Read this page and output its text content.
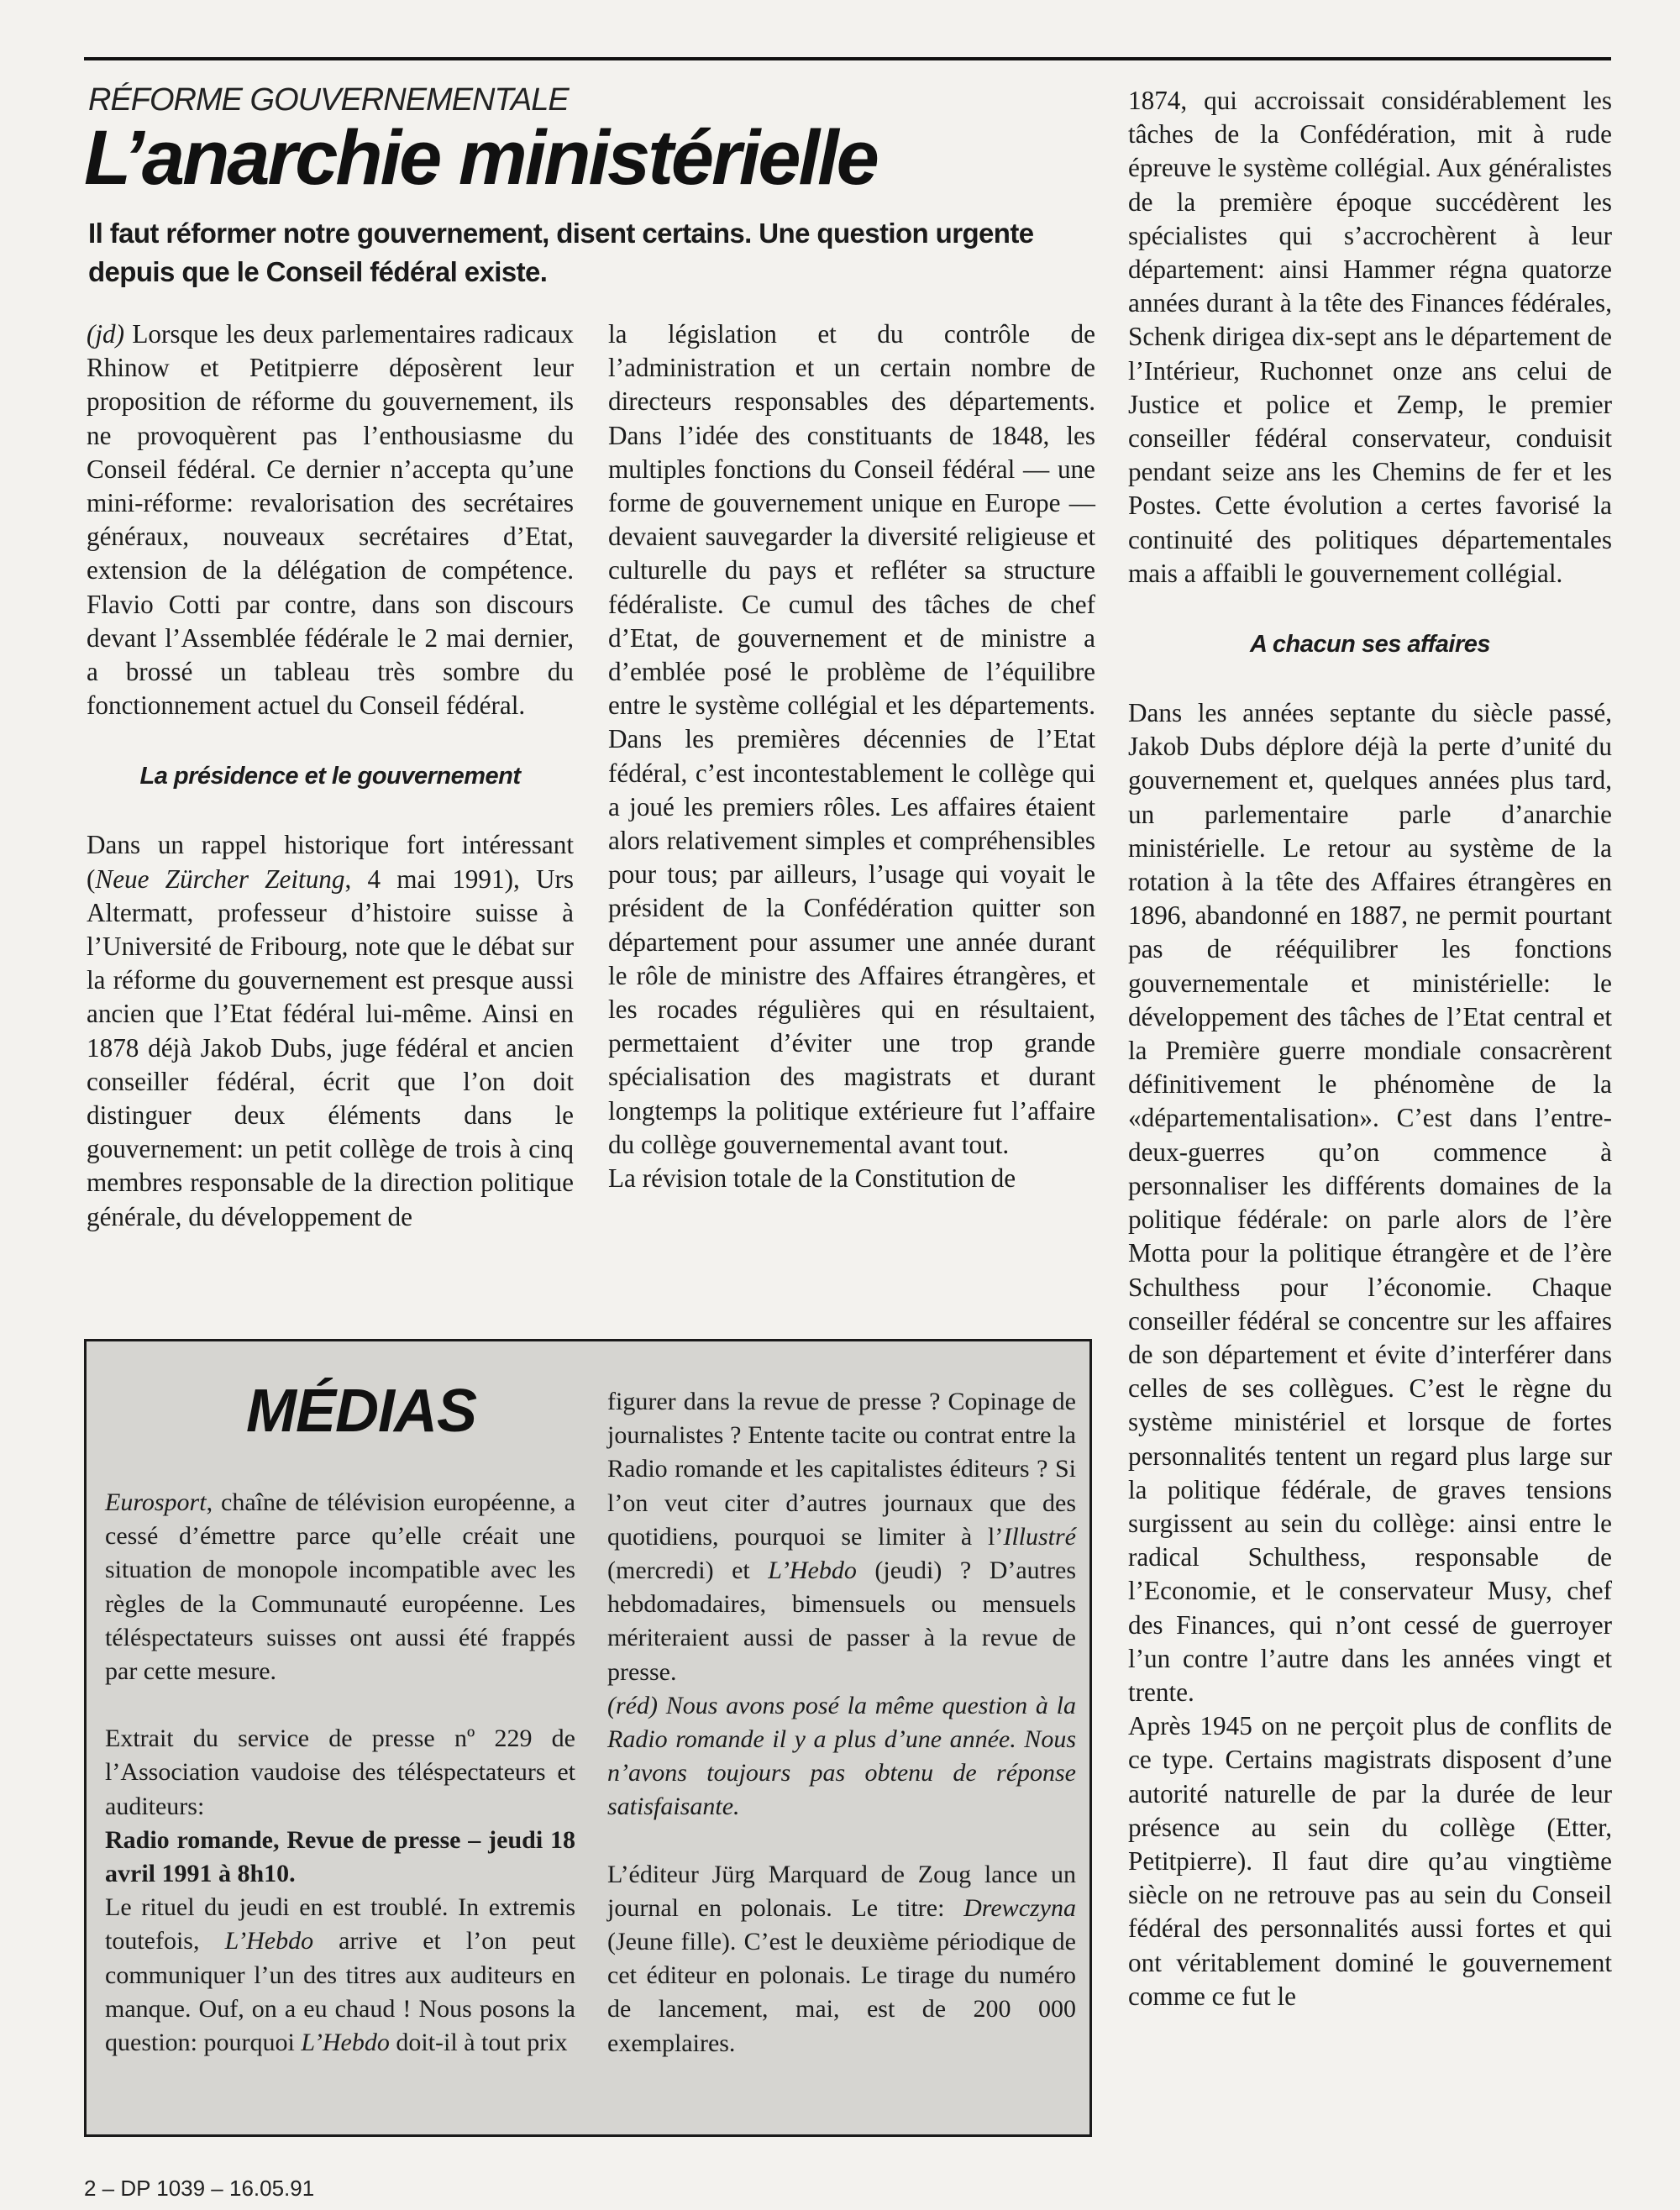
RÉFORME GOUVERNEMENTALE
L’anarchie ministérielle
Il faut réformer notre gouvernement, disent certains. Une question urgente depuis que le Conseil fédéral existe.

(jd) Lorsque les deux parlementaires radicaux Rhinow et Petitpierre déposèrent leur proposition de réforme du gouvernement, ils ne provoquèrent pas l’enthousiasme du Conseil fédéral. Ce dernier n’accepta qu’une mini-réforme: revalorisation des secrétaires généraux, nouveaux secrétaires d’Etat, extension de la délégation de compétence. Flavio Cotti par contre, dans son discours devant l’Assemblée fédérale le 2 mai dernier, a brossé un tableau très sombre du fonctionnement actuel du Conseil fédéral.

La présidence et le gouvernement

Dans un rappel historique fort intéressant (Neue Zürcher Zeitung, 4 mai 1991), Urs Altermatt, professeur d’histoire suisse à l’Université de Fribourg, note que le débat sur la réforme du gouvernement est presque aussi ancien que l’Etat fédéral lui-même. Ainsi en 1878 déjà Jakob Dubs, juge fédéral et ancien conseiller fédéral, écrit que l’on doit distinguer deux éléments dans le gouvernement: un petit collège de trois à cinq membres responsable de la direction politique générale, du développement de

la législation et du contrôle de l’administration et un certain nombre de directeurs responsables des départements. Dans l’idée des constituants de 1848, les multiples fonctions du Conseil fédéral — une forme de gouvernement unique en Europe — devaient sauvegarder la diversité religieuse et culturelle du pays et refléter sa structure fédéraliste. Ce cumul des tâches de chef d’Etat, de gouvernement et de ministre a d’emblée posé le problème de l’équilibre entre le système collégial et les départements. Dans les premières décennies de l’Etat fédéral, c’est incontestablement le collège qui a joué les premiers rôles. Les affaires étaient alors relativement simples et compréhensibles pour tous; par ailleurs, l’usage qui voyait le président de la Confédération quitter son département pour assumer une année durant le rôle de ministre des Affaires étrangères, et les rocades régulières qui en résultaient, permettaient d’éviter une trop grande spécialisation des magistrats et durant longtemps la politique extérieure fut l’affaire du collège gouvernemental avant tout.

La révision totale de la Constitution de

1874, qui accroissait considérablement les tâches de la Confédération, mit à rude épreuve le système collégial. Aux généralistes de la première époque succédèrent les spécialistes qui s’accrochèrent à leur département: ainsi Hammer régna quatorze années durant à la tête des Finances fédérales, Schenk dirigea dix-sept ans le département de l’Intérieur, Ruchonnet onze ans celui de Justice et police et Zemp, le premier conseiller fédéral conservateur, conduisit pendant seize ans les Chemins de fer et les Postes. Cette évolution a certes favorisé la continuité des politiques départementales mais a affaibli le gouvernement collégial.

A chacun ses affaires

Dans les années septante du siècle passé, Jakob Dubs déplore déjà la perte d’unité du gouvernement et, quelques années plus tard, un parlementaire parle d’anarchie ministérielle. Le retour au système de la rotation à la tête des Affaires étrangères en 1896, abandonné en 1887, ne permit pourtant pas de rééquilibrer les fonctions gouvernementale et ministérielle: le développement des tâches de l’Etat central et la Première guerre mondiale consacrèrent définitivement le phénomène de la «départementalisation». C’est dans l’entre-deux-guerres qu’on commence à personnaliser les différents domaines de la politique fédérale: on parle alors de l’ère Motta pour la politique étrangère et de l’ère Schulthess pour l’économie. Chaque conseiller fédéral se concentre sur les affaires de son département et évite d’interférer dans celles de ses collègues. C’est le règne du système ministériel et lorsque de fortes personnalités tentent un regard plus large sur la politique fédérale, de graves tensions surgissent au sein du collège: ainsi entre le radical Schulthess, responsable de l’Economie, et le conservateur Musy, chef des Finances, qui n’ont cessé de guerroyer l’un contre l’autre dans les années vingt et trente.

Après 1945 on ne perçoit plus de conflits de ce type. Certains magistrats disposent d’une autorité naturelle de par la durée de leur présence au sein du collège (Etter, Petitpierre). Il faut dire qu’au vingtième siècle on ne retrouve pas au sein du Conseil fédéral des personnalités aussi fortes et qui ont véritablement dominé le gouvernement comme ce fut le

MÉDIAS

Eurosport, chaîne de télévision européenne, a cessé d’émettre parce qu’elle créait une situation de monopole incompatible avec les règles de la Communauté européenne. Les téléspectateurs suisses ont aussi été frappés par cette mesure.

Extrait du service de presse nº 229 de l’Association vaudoise des téléspectateurs et auditeurs:

Radio romande, Revue de presse – jeudi 18 avril 1991 à 8h10.

Le rituel du jeudi en est troublé. In extremis toutefois, L’Hebdo arrive et l’on peut communiquer l’un des titres aux auditeurs en manque. Ouf, on a eu chaud ! Nous posons la question: pourquoi L’Hebdo doit-il à tout prix

figurer dans la revue de presse ? Copinage de journalistes ? Entente tacite ou contrat entre la Radio romande et les capitalistes éditeurs ? Si l’on veut citer d’autres journaux que des quotidiens, pourquoi se limiter à l’Illustré (mercredi) et L’Hebdo (jeudi) ? D’autres hebdomadaires, bimensuels ou mensuels mériteraient aussi de passer à la revue de presse.

(réd) Nous avons posé la même question à la Radio romande il y a plus d’une année. Nous n’avons toujours pas obtenu de réponse satisfaisante.

L’éditeur Jürg Marquard de Zoug lance un journal en polonais. Le titre: Drewczyna (Jeune fille). C’est le deuxième périodique de cet éditeur en polonais. Le tirage du numéro de lancement, mai, est de 200 000 exemplaires.

2 – DP 1039 – 16.05.91
